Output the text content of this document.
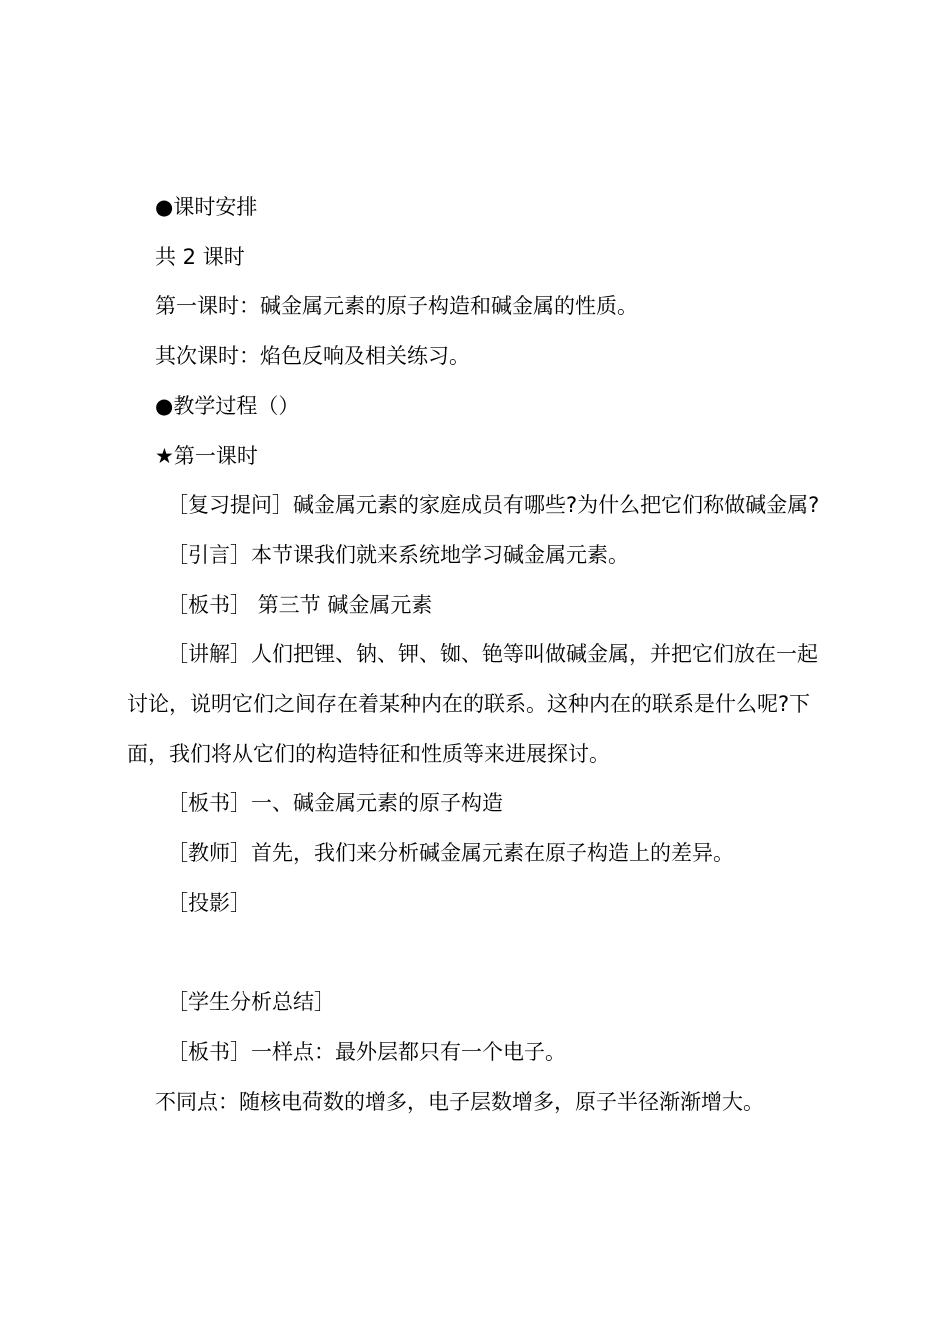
●课时安排

共 2 课时

第一课时：碱金属元素的原子构造和碱金属的性质。

其次课时：焰色反响及相关练习。

●教学过程（）

★第一课时

［复习提问］碱金属元素的家庭成员有哪些?为什么把它们称做碱金属?

［引言］本节课我们就来系统地学习碱金属元素。

［板书］ 第三节 碱金属元素

［讲解］人们把锂、钠、钾、铷、铯等叫做碱金属，并把它们放在一起讨论，说明它们之间存在着某种内在的联系。这种内在的联系是什么呢?下面，我们将从它们的构造特征和性质等来进展探讨。

［板书］一、碱金属元素的原子构造

［教师］首先，我们来分析碱金属元素在原子构造上的差异。

［投影］

［学生分析总结］

［板书］一样点：最外层都只有一个电子。

不同点：随核电荷数的增多，电子层数增多，原子半径渐渐增大。
